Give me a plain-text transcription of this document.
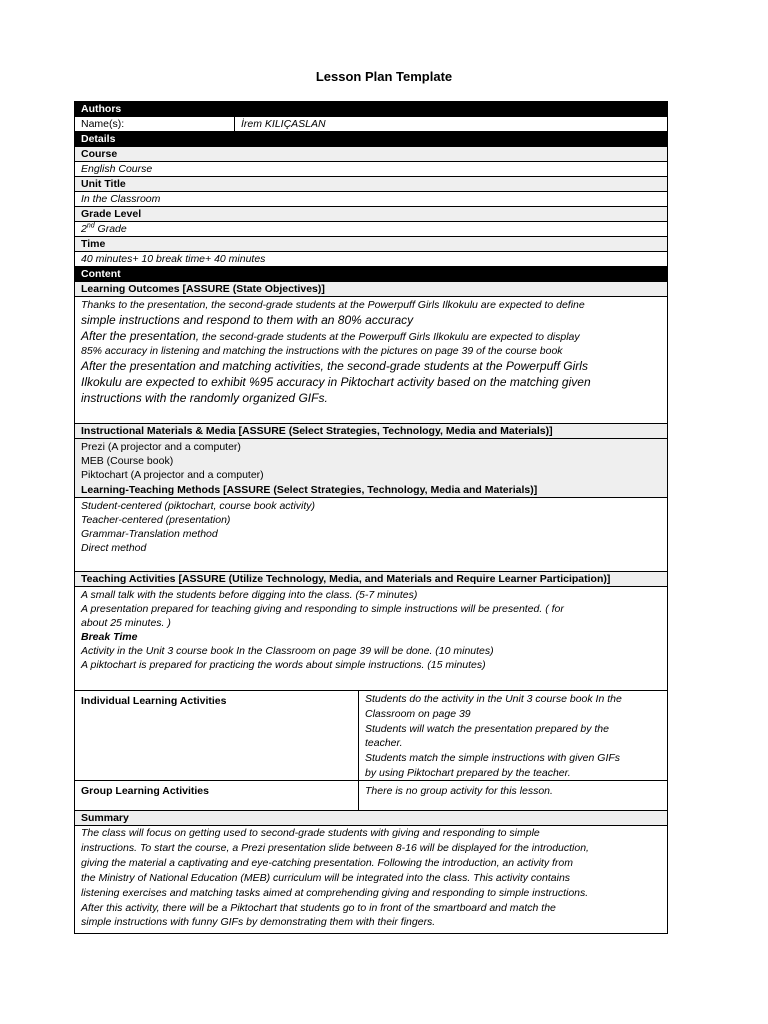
Lesson Plan Template
Authors
Name(s):	İrem KILIÇASLAN
Details
Course
English Course
Unit Title
In the Classroom
Grade Level
2nd Grade
Time
40 minutes+ 10 break time+ 40 minutes
Content
Learning Outcomes [ASSURE (State Objectives)]
Thanks to the presentation, the second-grade students at the Powerpuff Girls Ilkokulu are expected to define
simple instructions and respond to them with an 80% accuracy
After the presentation, the second-grade students at the Powerpuff Girls Ilkokulu are expected to display
85% accuracy in listening and matching the instructions with the pictures on page 39 of the course book
After the presentation and matching activities, the second-grade students at the Powerpuff Girls
Ilkokulu are expected to exhibit %95 accuracy in Piktochart activity based on the matching given
instructions with the randomly organized GIFs.
Instructional Materials & Media [ASSURE (Select Strategies, Technology, Media and Materials)]
Prezi (A projector and a computer)
MEB (Course book)
Piktochart (A projector and a computer)
Learning-Teaching Methods [ASSURE (Select Strategies, Technology, Media and Materials)]
Student-centered (piktochart, course book activity)
Teacher-centered (presentation)
Grammar-Translation method
Direct method
Teaching Activities [ASSURE (Utilize Technology, Media, and Materials and Require Learner Participation)]
A small talk with the students before digging into the class. (5-7 minutes)
A presentation prepared for teaching giving and responding to simple instructions will be presented. ( for
about 25 minutes. )
Break Time
Activity in the Unit 3 course book In the Classroom on page 39 will be done. (10 minutes)
A piktochart is prepared for practicing the words about simple instructions. (15 minutes)
Individual Learning Activities	Students do the activity in the Unit 3 course book In the
Classroom on page 39
Students will watch the presentation prepared by the
teacher.
Students match the simple instructions with given GIFs
by using Piktochart prepared by the teacher.
Group Learning Activities	There is no group activity for this lesson.
Summary
The class will focus on getting used to second-grade students with giving and responding to simple
instructions. To start the course, a Prezi presentation slide between 8-16 will be displayed for the introduction,
giving the material a captivating and eye-catching presentation. Following the introduction, an activity from
the Ministry of National Education (MEB) curriculum will be integrated into the class. This activity contains
listening exercises and matching tasks aimed at comprehending giving and responding to simple instructions.
After this activity, there will be a Piktochart that students go to in front of the smartboard and match the
simple instructions with funny GIFs by demonstrating them with their fingers.
